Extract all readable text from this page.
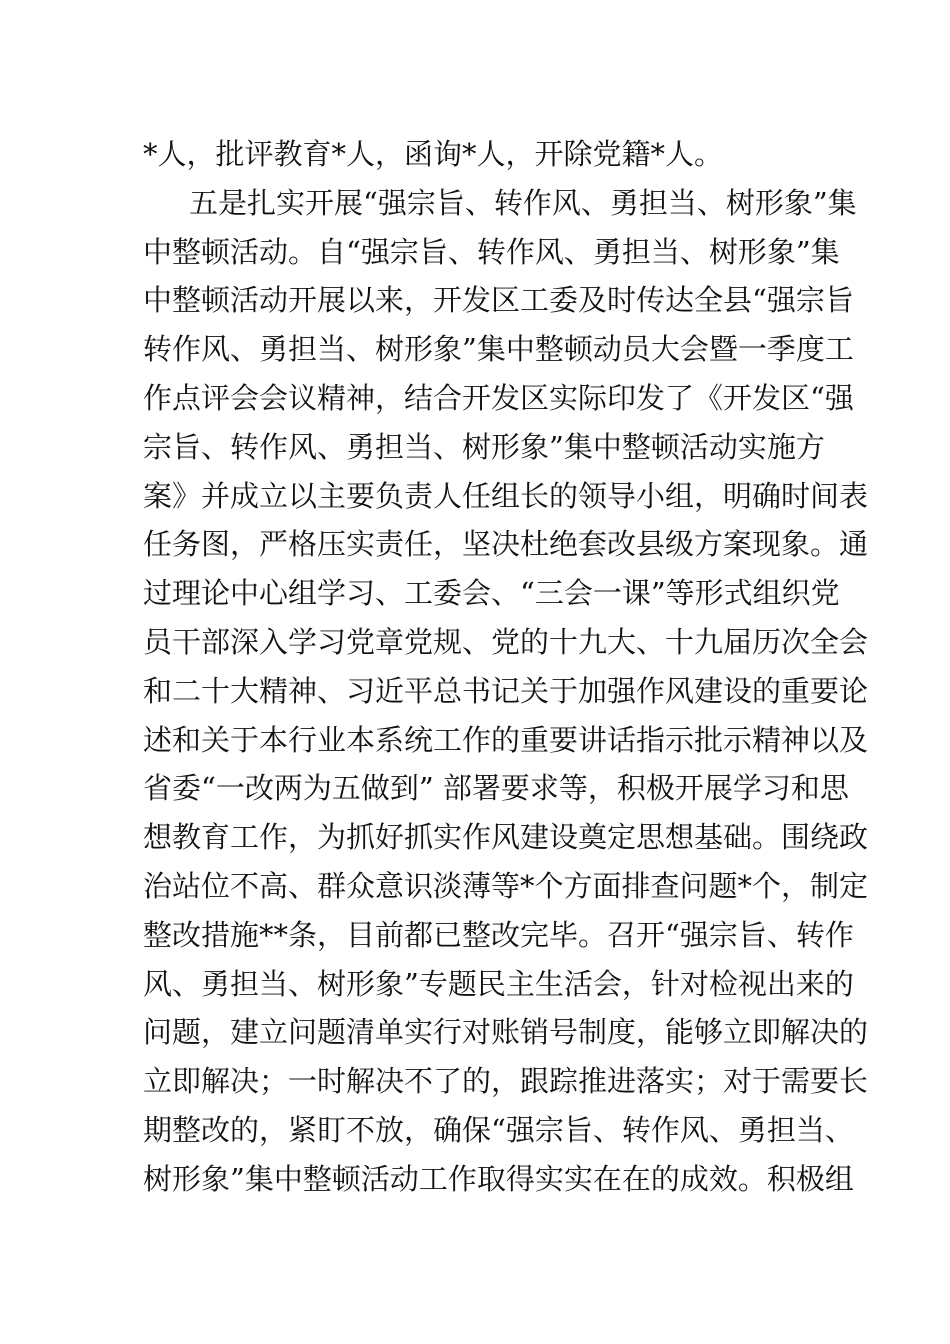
*人，批评教育*人，函询*人，开除党籍*人。
五是扎实开展“强宗旨、转作风、勇担当、树形象”集
中整顿活动。自“强宗旨、转作风、勇担当、树形象”集
中整顿活动开展以来，开发区工委及时传达全县“强宗旨
转作风、勇担当、树形象”集中整顿动员大会暨一季度工
作点评会会议精神，结合开发区实际印发了《开发区“强
宗旨、转作风、勇担当、树形象”集中整顿活动实施方
案》并成立以主要负责人任组长的领导小组，明确时间表
任务图，严格压实责任，坚决杜绝套改县级方案现象。通
过理论中心组学习、工委会、“三会一课”等形式组织党
员干部深入学习党章党规、党的十九大、十九届历次全会
和二十大精神、习近平总书记关于加强作风建设的重要论
述和关于本行业本系统工作的重要讲话指示批示精神以及
省委“一改两为五做到” 部署要求等，积极开展学习和思
想教育工作，为抓好抓实作风建设奠定思想基础。围绕政
治站位不高、群众意识淡薄等*个方面排查问题*个，制定
整改措施**条，目前都已整改完毕。召开“强宗旨、转作
风、勇担当、树形象”专题民主生活会，针对检视出来的
问题，建立问题清单实行对账销号制度，能够立即解决的
立即解决；一时解决不了的，跟踪推进落实；对于需要长
期整改的，紧盯不放，确保“强宗旨、转作风、勇担当、
树形象”集中整顿活动工作取得实实在在的成效。积极组
